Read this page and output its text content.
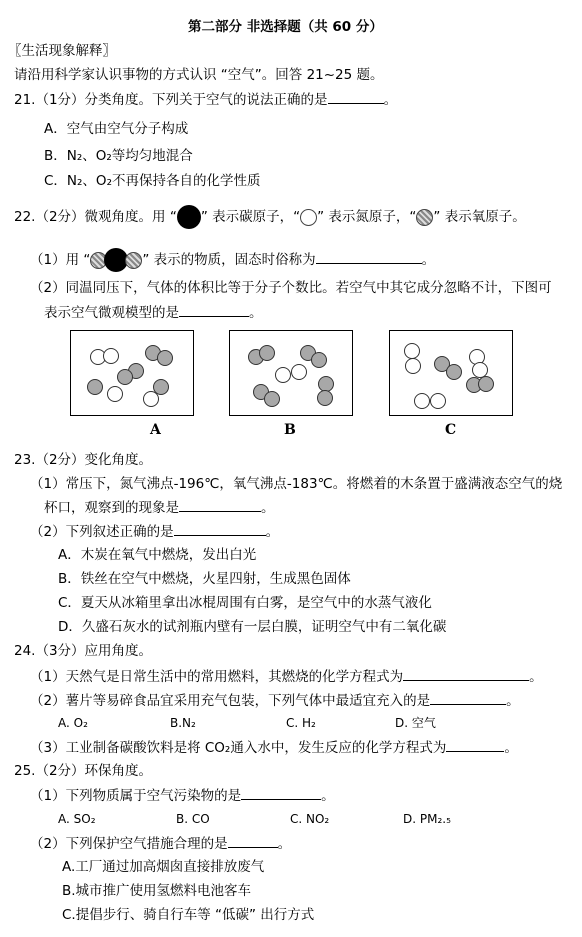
第二部分 非选择题（共 60 分）
〖生活现象解释〗
请沿用科学家认识事物的方式认识 “空气”。回答 21~25 题。
21.（1分）分类角度。下列关于空气的说法正确的是	。
A．空气由空气分子构成
B．N₂、O₂等均匀地混合
C．N₂、O₂不再保持各自的化学性质
22.（2分）微观角度。用 “ ” 表示碳原子，“ ” 表示氮原子，“ ” 表示氧原子。
（1）用 “	” 表示的物质，固态时俗称为	。
（2）同温同压下，气体的体积比等于分子个数比。若空气中其它成分忽略不计，下图可
表示空气微观模型的是	。
A	B	C
23.（2分）变化角度。
（1）常压下，氮气沸点-196℃，氧气沸点-183℃。将燃着的木条置于盛满液态空气的烧
杯口，观察到的现象是	。
（2）下列叙述正确的是	。
A．木炭在氧气中燃烧，发出白光
B．铁丝在空气中燃烧，火星四射，生成黑色固体
C．夏天从冰箱里拿出冰棍周围有白雾，是空气中的水蒸气液化
D．久盛石灰水的试剂瓶内壁有一层白膜，证明空气中有二氧化碳
24.（3分）应用角度。
（1）天然气是日常生活中的常用燃料，其燃烧的化学方程式为	。
（2）薯片等易碎食品宜采用充气包装，下列气体中最适宜充入的是	。
A. O₂	B.N₂	C. H₂	D. 空气
（3）工业制备碳酸饮料是将 CO₂通入水中，发生反应的化学方程式为	。
25.（2分）环保角度。
（1）下列物质属于空气污染物的是	。
A. SO₂	B. CO	C. NO₂	D. PM₂.₅
（2）下列保护空气措施合理的是	。
A.工厂通过加高烟囱直接排放废气
B.城市推广使用氢燃料电池客车
C.提倡步行、骑自行车等 “低碳” 出行方式
